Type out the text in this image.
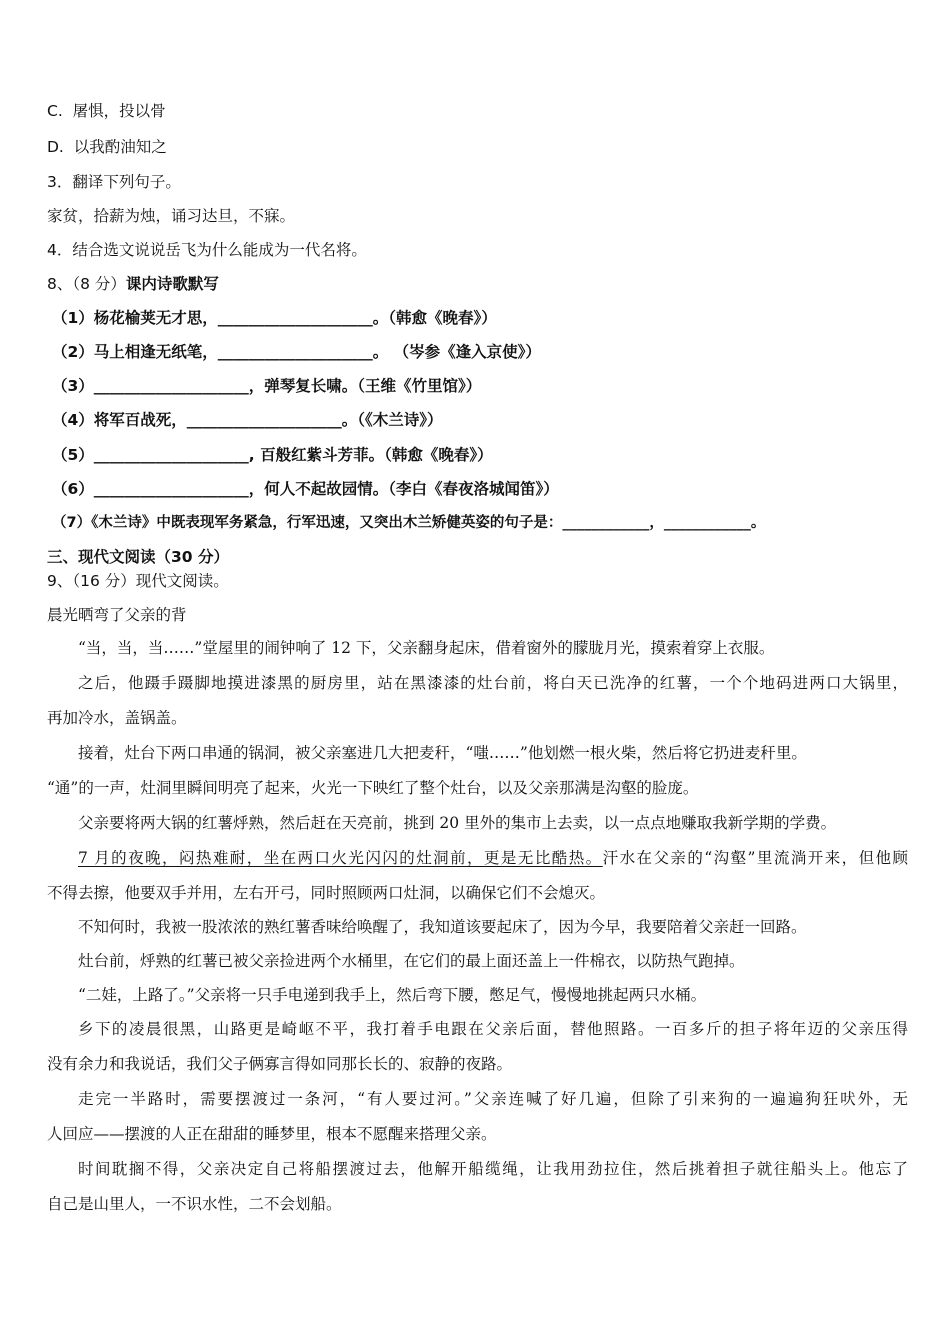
C. 屠惧，投以骨
D. 以我酌油知之
3．翻译下列句子。
家贫，拾薪为烛，诵习达旦，不寐。
4．结合选文说说岳飞为什么能成为一代名将。
8、（8 分）课内诗歌默写
（1）杨花榆荚无才思，____________________。（韩愈《晚春》）
（2）马上相逢无纸笔，____________________。 （岑参《逢入京使》）
（3）____________________，弹琴复长啸。（王维《竹里馆》）
（4）将军百战死，____________________。（《木兰诗》）
（5）____________________, 百般红紫斗芳菲。（韩愈《晚春》）
（6）____________________，何人不起故园情。（李白《春夜洛城闻笛》）
（7）《木兰诗》中既表现军务紧急，行军迅速，又突出木兰矫健英姿的句子是：____________，____________。
三、现代文阅读（30 分）
9、（16 分）现代文阅读。
晨光晒弯了父亲的背
“当，当，当……”堂屋里的闹钟响了 12 下，父亲翻身起床，借着窗外的朦胧月光，摸索着穿上衣服。
之后，他蹑手蹑脚地摸进漆黑的厨房里，站在黑漆漆的灶台前，将白天已洗净的红薯，一个个地码进两口大锅里，
再加冷水，盖锅盖。
接着，灶台下两口串通的锅洞，被父亲塞进几大把麦秆，“嗤……”他划燃一根火柴，然后将它扔进麦秆里。
“通”的一声，灶洞里瞬间明亮了起来，火光一下映红了整个灶台，以及父亲那满是沟壑的脸庞。
父亲要将两大锅的红薯烀熟，然后赶在天亮前，挑到 20 里外的集市上去卖，以一点点地赚取我新学期的学费。
7 月的夜晚，闷热难耐，坐在两口火光闪闪的灶洞前，更是无比酷热。汗水在父亲的“沟壑”里流淌开来，但他顾
不得去擦，他要双手并用，左右开弓，同时照顾两口灶洞，以确保它们不会熄灭。
不知何时，我被一股浓浓的熟红薯香味给唤醒了，我知道该要起床了，因为今早，我要陪着父亲赶一回路。
灶台前，烀熟的红薯已被父亲捡进两个水桶里，在它们的最上面还盖上一件棉衣，以防热气跑掉。
“二娃，上路了。”父亲将一只手电递到我手上，然后弯下腰，憋足气，慢慢地挑起两只水桶。
乡下的凌晨很黑，山路更是崎岖不平，我打着手电跟在父亲后面，替他照路。一百多斤的担子将年迈的父亲压得
没有余力和我说话，我们父子俩寡言得如同那长长的、寂静的夜路。
走完一半路时，需要摆渡过一条河，“有人要过河。”父亲连喊了好几遍，但除了引来狗的一遍遍狗狂吠外，无
人回应——摆渡的人正在甜甜的睡梦里，根本不愿醒来搭理父亲。
时间耽搁不得，父亲决定自己将船摆渡过去，他解开船缆绳，让我用劲拉住，然后挑着担子就往船头上。他忘了
自己是山里人，一不识水性，二不会划船。
